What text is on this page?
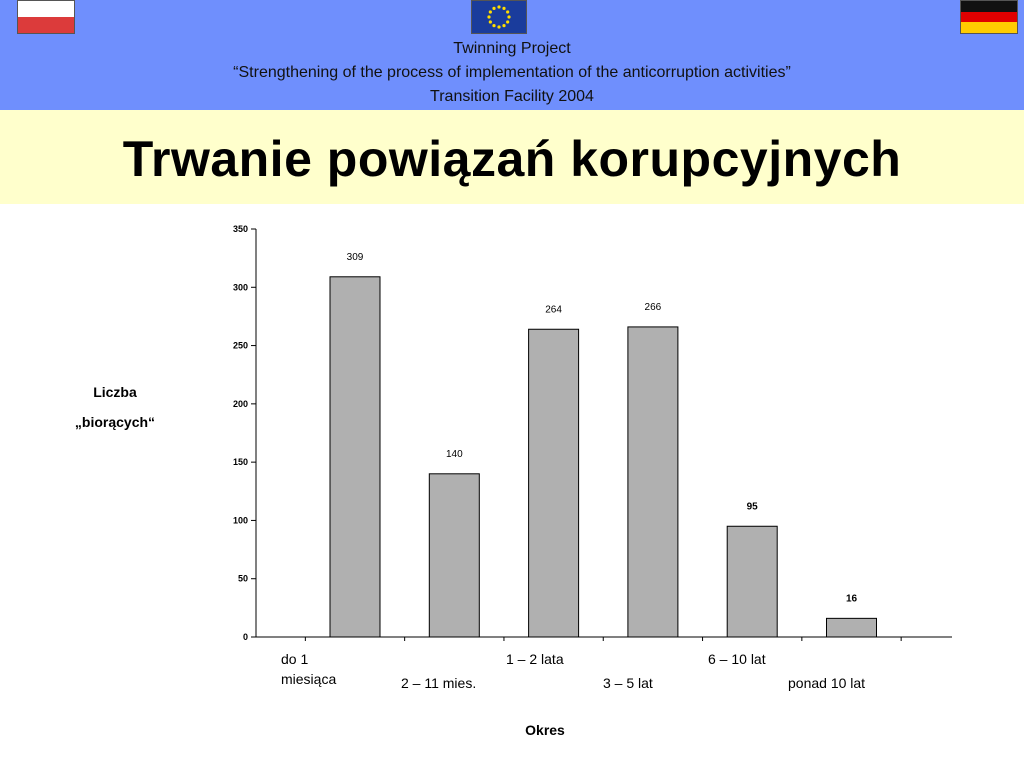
Twinning Project
“Strengthening of the process of implementation of the anticorruption activities”
Transition Facility 2004
Trwanie powiązań korupcyjnych
0
50
100
150
200
250
300
350
309
140
264	266
95
16
Liczba
„biorących“
do 1
miesiąca	2 – 11 mies.
1 – 2 lata
3 – 5 lat
6 – 10 lat
ponad 10 lat
Okres
